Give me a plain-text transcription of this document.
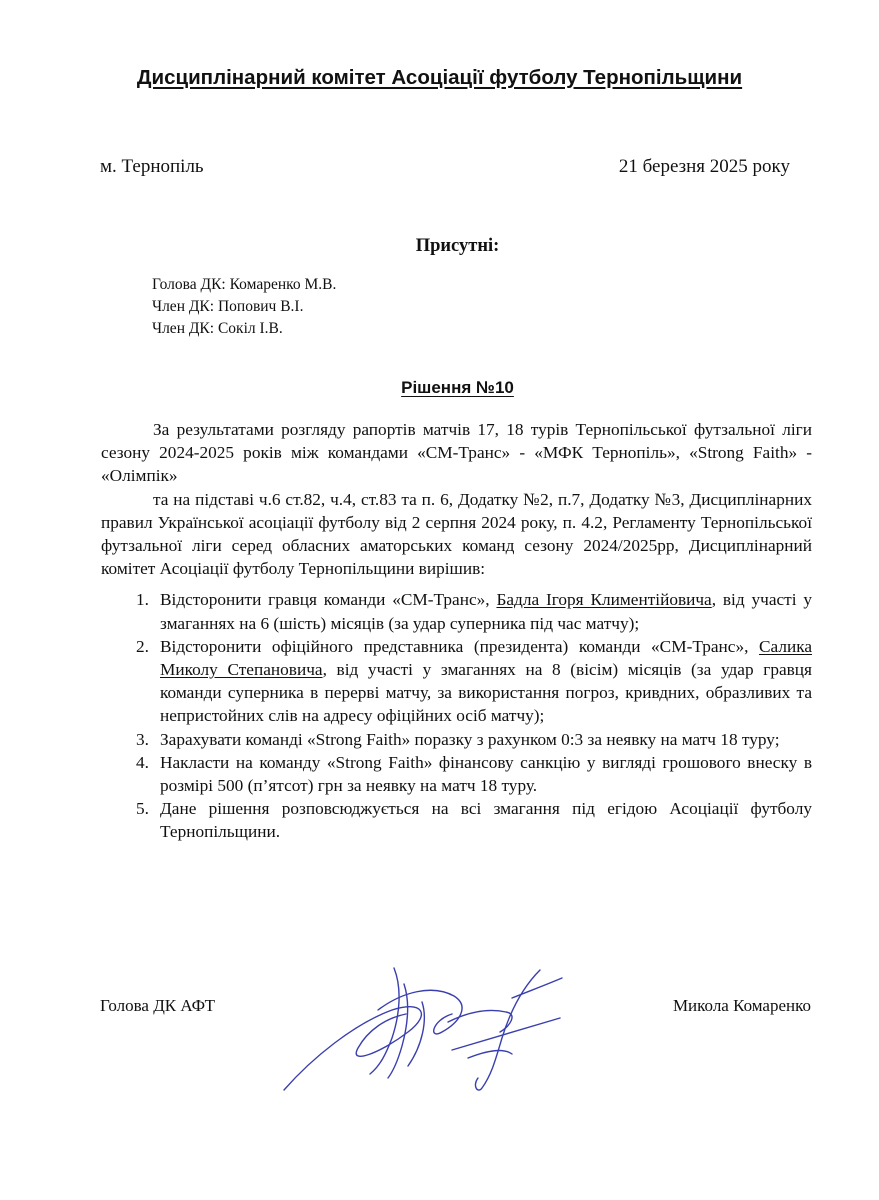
Дисциплінарний комітет Асоціації футболу Тернопільщини
м. Тернопіль	21 березня 2025 року
Присутні:
Голова ДК: Комаренко М.В.
Член ДК: Попович В.І.
Член ДК: Сокіл І.В.
Рішення №10

За результатами розгляду рапортів матчів 17, 18 турів Тернопільської футзальної ліги сезону 2024-2025 років між командами «СМ-Транс» - «МФК Тернопіль», «Strong Faith» - «Олімпік»

та на підставі ч.6 ст.82, ч.4, ст.83 та п. 6, Додатку №2, п.7, Додатку №3, Дисциплінарних правил Української асоціації футболу від 2 серпня 2024 року, п. 4.2, Регламенту Тернопільської футзальної ліги серед обласних аматорських команд сезону 2024/2025рр, Дисциплінарний комітет Асоціації футболу Тернопільщини вирішив:

1. Відсторонити гравця команди «СМ-Транс», Бадла Ігоря Климентійовича, від участі у змаганнях на 6 (шість) місяців (за удар суперника під час матчу);
2. Відсторонити офіційного представника (президента) команди «СМ-Транс», Салика Миколу Степановича, від участі у змаганнях на 8 (вісім) місяців (за удар гравця команди суперника в перерві матчу, за використання погроз, кривдних, образливих та непристойних слів на адресу офіційних осіб матчу);
3. Зарахувати команді «Strong Faith» поразку з рахунком 0:3 за неявку на матч 18 туру;
4. Накласти на команду «Strong Faith» фінансову санкцію у вигляді грошового внеску в розмірі 500 (п’ятсот) грн за неявку на матч 18 туру.
5. Дане рішення розповсюджується на всі змагання під егідою Асоціації футболу Тернопільщини.
Голова ДК АФТ	Микола Комаренко
